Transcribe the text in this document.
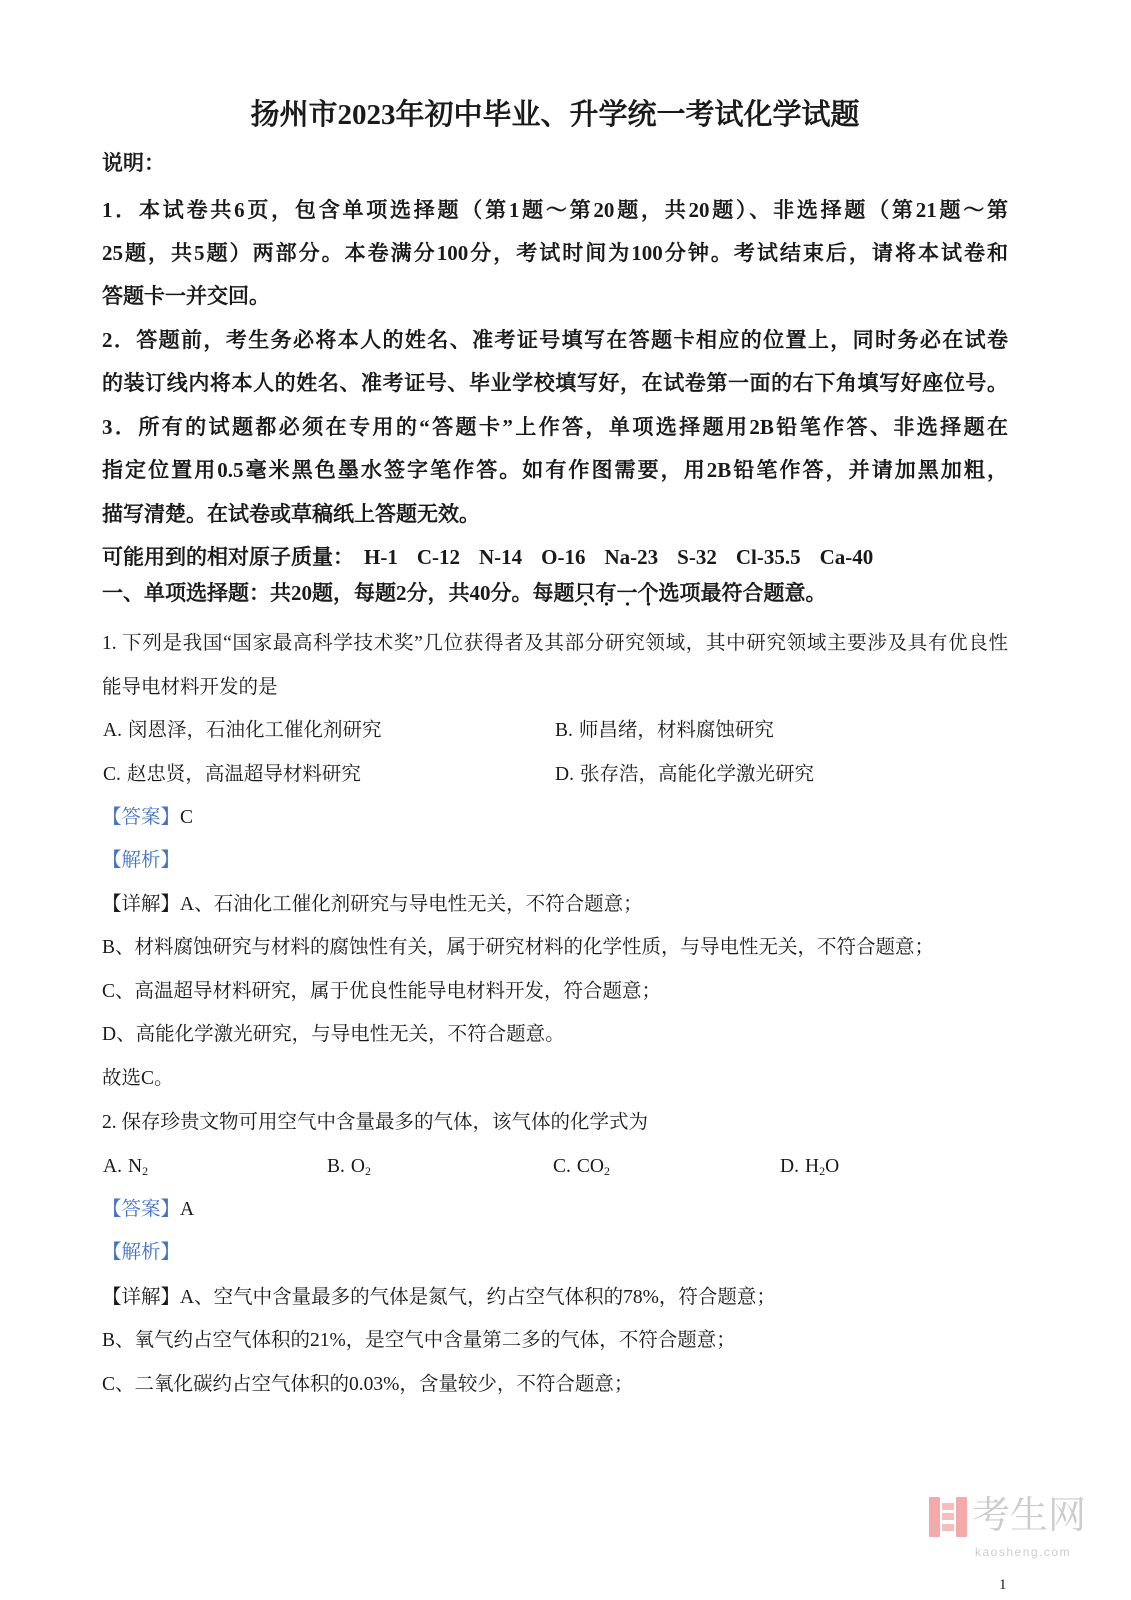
扬州市2023年初中毕业、升学统一考试化学试题
说明：
1．本试卷共6页，包含单项选择题（第1题～第20题，共20题）、非选择题（第21题～第
25题，共5题）两部分。本卷满分100分，考试时间为100分钟。考试结束后，请将本试卷和
答题卡一并交回。
2．答题前，考生务必将本人的姓名、准考证号填写在答题卡相应的位置上，同时务必在试卷
的装订线内将本人的姓名、准考证号、毕业学校填写好，在试卷第一面的右下角填写好座位号。
3．所有的试题都必须在专用的“答题卡”上作答，单项选择题用2B铅笔作答、非选择题在
指定位置用0.5毫米黑色墨水签字笔作答。如有作图需要，用2B铅笔作答，并请加黑加粗，
描写清楚。在试卷或草稿纸上答题无效。
可能用到的相对原子质量： H-1 C-12 N-14 O-16 Na-23 S-32 Cl-35.5 Ca-40
一、单项选择题：共20题，每题2分，共40分。每题只有一个选项最符合题意。
1. 下列是我国“国家最高科学技术奖”几位获得者及其部分研究领域，其中研究领域主要涉及具有优良性
能导电材料开发的是
A. 闵恩泽，石油化工催化剂研究	B. 师昌绪，材料腐蚀研究
C. 赵忠贤，高温超导材料研究	D. 张存浩，高能化学激光研究
【答案】C
【解析】
【详解】A、石油化工催化剂研究与导电性无关，不符合题意；
B、材料腐蚀研究与材料的腐蚀性有关，属于研究材料的化学性质，与导电性无关，不符合题意；
C、高温超导材料研究，属于优良性能导电材料开发，符合题意；
D、高能化学激光研究，与导电性无关，不符合题意。
故选C。
2. 保存珍贵文物可用空气中含量最多的气体，该气体的化学式为
A. $N_2$	B. $O_2$	C. $CO_2$	D. $H_2O$
【答案】A
【解析】
【详解】A、空气中含量最多的气体是氮气，约占空气体积的78%，符合题意；
B、氧气约占空气体积的21%，是空气中含量第二多的气体，不符合题意；
C、二氧化碳约占空气体积的0.03%，含量较少，不符合题意；
考生网
kaosheng.com
1
